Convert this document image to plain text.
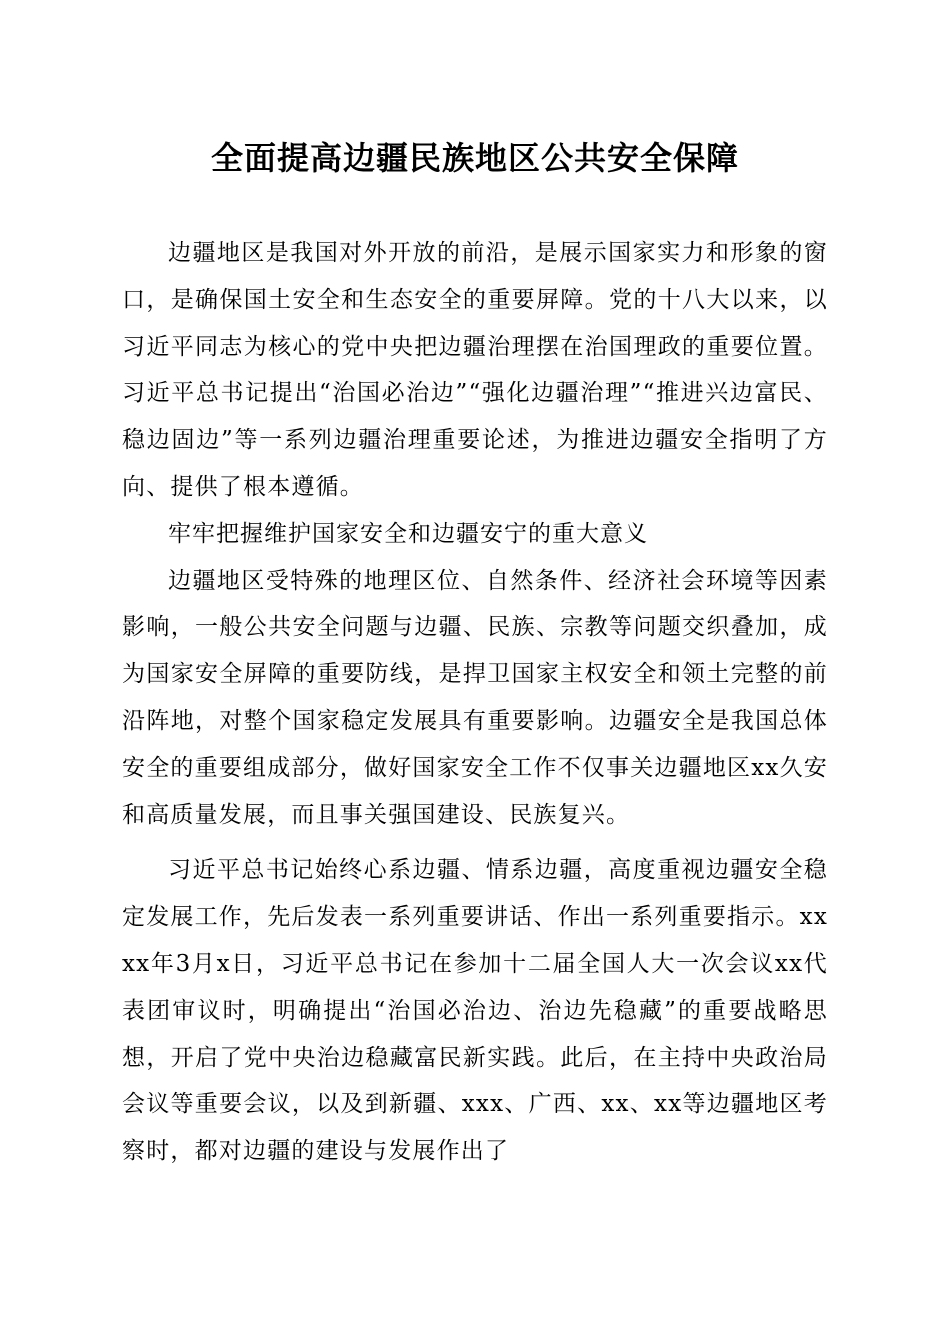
全面提高边疆民族地区公共安全保障

边疆地区是我国对外开放的前沿，是展示国家实力和形象的窗口，是确保国土安全和生态安全的重要屏障。党的十八大以来，以习近平同志为核心的党中央把边疆治理摆在治国理政的重要位置。习近平总书记提出“治国必治边”“强化边疆治理”“推进兴边富民、稳边固边”等一系列边疆治理重要论述，为推进边疆安全指明了方向、提供了根本遵循。

牢牢把握维护国家安全和边疆安宁的重大意义

边疆地区受特殊的地理区位、自然条件、经济社会环境等因素影响，一般公共安全问题与边疆、民族、宗教等问题交织叠加，成为国家安全屏障的重要防线，是捍卫国家主权安全和领土完整的前沿阵地，对整个国家稳定发展具有重要影响。边疆安全是我国总体安全的重要组成部分，做好国家安全工作不仅事关边疆地区xx久安和高质量发展，而且事关强国建设、民族复兴。

习近平总书记始终心系边疆、情系边疆，高度重视边疆安全稳定发展工作，先后发表一系列重要讲话、作出一系列重要指示。xxxx年3月x日，习近平总书记在参加十二届全国人大一次会议xx代表团审议时，明确提出“治国必治边、治边先稳藏”的重要战略思想，开启了党中央治边稳藏富民新实践。此后，在主持中央政治局会议等重要会议，以及到新疆、xxx、广西、xx、xx等边疆地区考察时，都对边疆的建设与发展作出了
